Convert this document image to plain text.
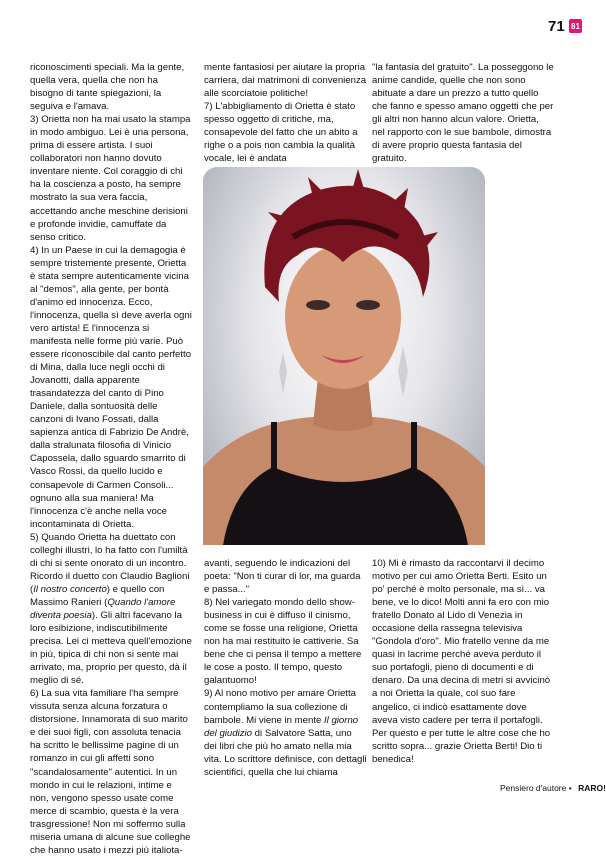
71 81

riconoscimenti speciali. Ma la gente, quella vera, quella che non ha bisogno di tante spiegazioni, la seguiva e l'amava.

3) Orietta non ha mai usato la stampa in modo ambiguo. Lei è una persona, prima di essere artista. I suoi collaboratori non hanno dovuto inventare niente. Col coraggio di chi ha la coscienza a posto, ha sempre mostrato la sua vera faccia, accettando anche meschine derisioni e profonde invidie, camuffate da senso critico.

4) In un Paese in cui la demagogia è sempre tristemente presente, Orietta è stata sempre autenticamente vicina al "demos", alla gente, per bontà d'animo ed innocenza. Ecco, l'innocenza, quella sì deve averla ogni vero artista! E l'innocenza si manifesta nelle forme più varie. Può essere riconoscibile dal canto perfetto di Mina, dalla luce negli occhi di Jovanotti, dalla apparente trasandatezza del canto di Pino Daniele, dalla sontuosità delle canzoni di Ivano Fossati, dalla sapienza antica di Fabrizio De Andrè, dalla stralunata filosofia di Vinicio Capossela, dallo sguardo smarrito di Vasco Rossi, da quello lucido e consapevole di Carmen Consoli... ognuno alla sua maniera! Ma l'innocenza c'è anche nella voce incontaminata di Orietta.

5) Quando Orietta ha duettato con colleghi illustri, lo ha fatto con l'umiltà di chi si sente onorato di un incontro. Ricordo il duetto con Claudio Baglioni (Il nostro concerto) e quello con Massimo Ranieri (Quando l'amore diventa poesia). Gli altri facevano la loro esibizione, indiscutibilmente precisa. Lei ci metteva quell'emozione in più, tipica di chi non si sente mai arrivato, ma, proprio per questo, dà il meglio di sé.

6) La sua vita familiare l'ha sempre vissuta senza alcuna forzatura o distorsione. Innamorata di suo marito e dei suoi figli, con assoluta tenacia ha scritto le bellissime pagine di un romanzo in cui gli affetti sono "scandalosamente" autentici. In un mondo in cui le relazioni, intime e non, vengono spesso usate come merce di scambio, questa è la vera trasgressione! Non mi soffermo sulla miseria umana di alcune sue colleghe che hanno usato i mezzi più italiota-

mente fantasiosi per aiutare la propria carriera, dai matrimoni di convenienza alle scorciatoie politiche!

7) L'abbigliamento di Orietta è stato spesso oggetto di critiche, ma, consapevole del fatto che un abito a righe o a pois non cambia la qualità vocale, lei è andata

"la fantasia del gratuito". La posseggono le anime candide, quelle che non sono abituate a dare un prezzo a tutto quello che fanno e spesso amano oggetti che per gli altri non hanno alcun valore. Orietta, nel rapporto con le sue bambole, dimostra di avere proprio questa fantasia del gratuito.

avanti, seguendo le indicazioni del poeta: "Non ti curar di lor, ma guarda e passa..."

8) Nel variegato mondo dello show-business in cui è diffuso il cinismo, come se fosse una religione, Orietta non ha mai restituito le cattiverie. Sa bene che ci pensa il tempo a mettere le cose a posto. Il tempo, questo galantuomo!

9) Al nono motivo per amare Orietta contempliamo la sua collezione di bambole. Mi viene in mente Il giorno del giudizio di Salvatore Satta, uno dei libri che più ho amato nella mia vita. Lo scrittore definisce, con dettagli scientifici, quella che lui chiama

10) Mi è rimasto da raccontarvi il decimo motivo per cui amo Orietta Berti. Esito un po' perché è molto personale, ma sì... va bene, ve lo dico! Molti anni fa ero con mio fratello Donato al Lido di Venezia in occasione della rassegna televisiva "Gondola d'oro". Mio fratello venne da me quasi in lacrime perché aveva perduto il suo portafogli, pieno di documenti e di denaro. Da una decina di metri si avvicinò a noi Orietta la quale, col suo fare angelico, ci indicò esattamente dove aveva visto cadere per terra il portafogli. Per questo e per tutte le altre cose che ho scritto sopra... grazie Orietta Berti! Dio ti benedica!

Pensiero d'autore • RARO!
